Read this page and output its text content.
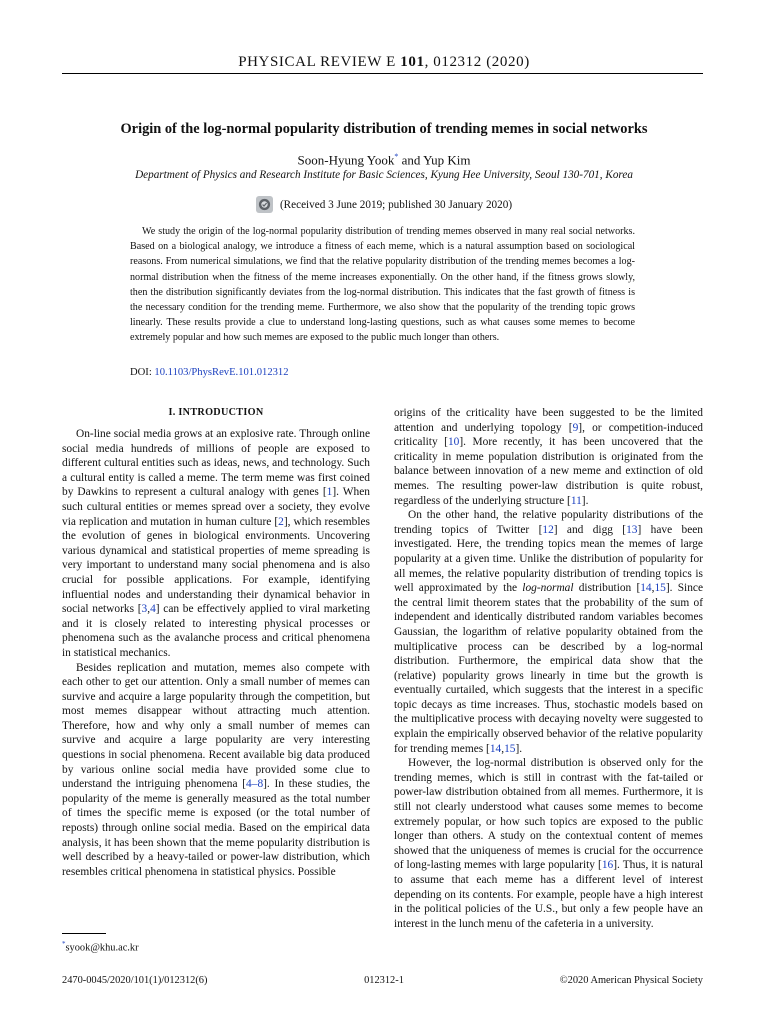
PHYSICAL REVIEW E 101, 012312 (2020)
Origin of the log-normal popularity distribution of trending memes in social networks
Soon-Hyung Yook* and Yup Kim
Department of Physics and Research Institute for Basic Sciences, Kyung Hee University, Seoul 130-701, Korea
(Received 3 June 2019; published 30 January 2020)
We study the origin of the log-normal popularity distribution of trending memes observed in many real social networks. Based on a biological analogy, we introduce a fitness of each meme, which is a natural assumption based on sociological reasons. From numerical simulations, we find that the relative popularity distribution of the trending memes becomes a log-normal distribution when the fitness of the meme increases exponentially. On the other hand, if the fitness grows slowly, then the distribution significantly deviates from the log-normal distribution. This indicates that the fast growth of fitness is the necessary condition for the trending meme. Furthermore, we also show that the popularity of the trending topic grows linearly. These results provide a clue to understand long-lasting questions, such as what causes some memes to become extremely popular and how such memes are exposed to the public much longer than others.
DOI: 10.1103/PhysRevE.101.012312
I. INTRODUCTION

On-line social media grows at an explosive rate. Through online social media hundreds of millions of people are exposed to different cultural entities such as ideas, news, and technology. Such a cultural entity is called a meme. The term meme was first coined by Dawkins to represent a cultural analogy with genes [1]. When such cultural entities or memes spread over a society, they evolve via replication and mutation in human culture [2], which resembles the evolution of genes in biological environments. Uncovering various dynamical and statistical properties of meme spreading is very important to understand many social phenomena and is also crucial for possible applications. For example, identifying influential nodes and understanding their dynamical behavior in social networks [3,4] can be effectively applied to viral marketing and it is closely related to interesting physical processes or phenomena such as the avalanche process and critical phenomena in statistical mechanics.

Besides replication and mutation, memes also compete with each other to get our attention. Only a small number of memes can survive and acquire a large popularity through the competition, but most memes disappear without attracting much attention. Therefore, how and why only a small number of memes can survive and acquire a large popularity are very interesting questions in social phenomena. Recent available big data produced by various online social media have provided some clue to understand the intriguing phenomena [4–8]. In these studies, the popularity of the meme is generally measured as the total number of times the specific meme is exposed (or the total number of reposts) through online social media. Based on the empirical data analysis, it has been shown that the meme popularity distribution is well described by a heavy-tailed or power-law distribution, which resembles critical phenomena in statistical physics. Possible

origins of the criticality have been suggested to be the limited attention and underlying topology [9], or competition-induced criticality [10]. More recently, it has been uncovered that the criticality in meme population distribution is originated from the balance between innovation of a new meme and extinction of old memes. The resulting power-law distribution is quite robust, regardless of the underlying structure [11].

On the other hand, the relative popularity distributions of the trending topics of Twitter [12] and digg [13] have been investigated. Here, the trending topics mean the memes of large popularity at a given time. Unlike the distribution of popularity for all memes, the relative popularity distribution of trending topics is well approximated by the log-normal distribution [14,15]. Since the central limit theorem states that the probability of the sum of independent and identically distributed random variables becomes Gaussian, the logarithm of relative popularity obtained from the multiplicative process can be described by a log-normal distribution. Furthermore, the empirical data show that the (relative) popularity grows linearly in time but the growth is eventually curtailed, which suggests that the interest in a specific topic decays as time increases. Thus, stochastic models based on the multiplicative process with decaying novelty were suggested to explain the empirically observed behavior of the relative popularity for trending memes [14,15].

However, the log-normal distribution is observed only for the trending memes, which is still in contrast with the fat-tailed or power-law distribution obtained from all memes. Furthermore, it is still not clearly understood what causes some memes to become extremely popular, or how such topics are exposed to the public longer than others. A study on the contextual content of memes showed that the uniqueness of memes is crucial for the occurrence of long-lasting memes with large popularity [16]. Thus, it is natural to assume that each meme has a different level of interest depending on its contents. For example, people have a high interest in the political policies of the U.S., but only a few people have an interest in the lunch menu of the cafeteria in a university.

*syook@khu.ac.kr
2470-0045/2020/101(1)/012312(6)	012312-1	©2020 American Physical Society
